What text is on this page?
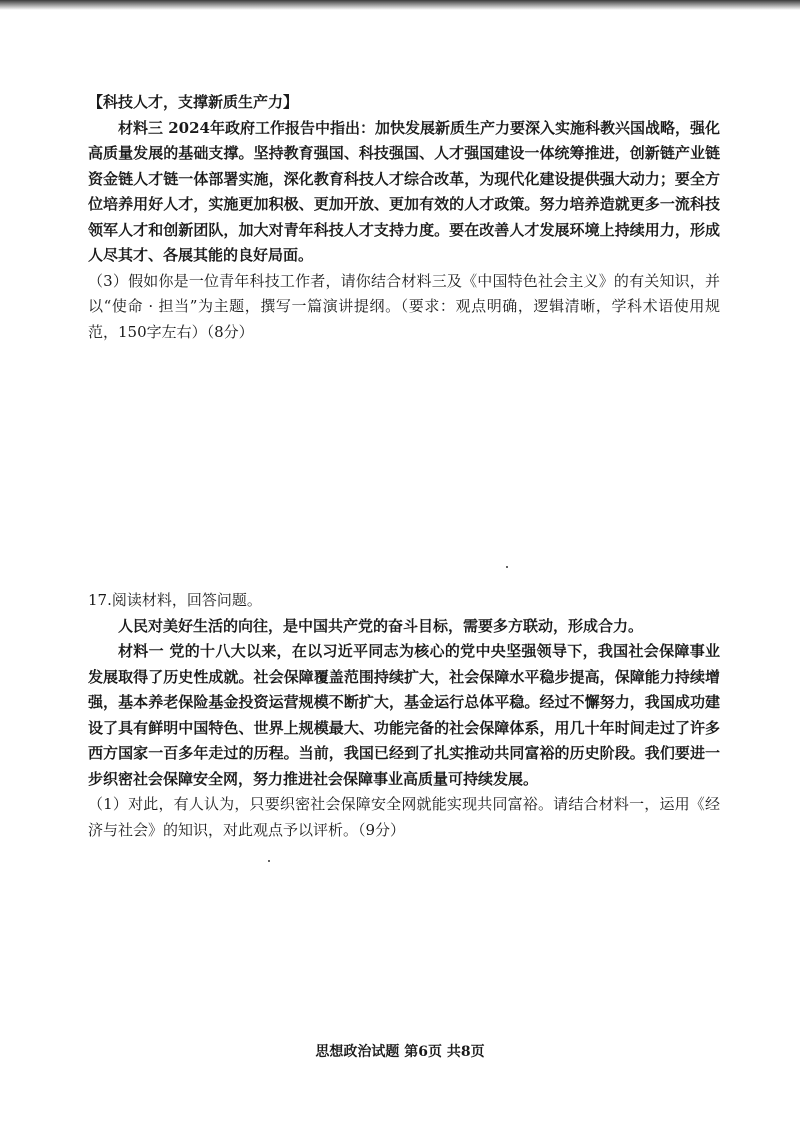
【科技人才，支撑新质生产力】

材料三 2024年政府工作报告中指出：加快发展新质生产力要深入实施科教兴国战略，强化高质量发展的基础支撑。坚持教育强国、科技强国、人才强国建设一体统筹推进，创新链产业链资金链人才链一体部署实施，深化教育科技人才综合改革，为现代化建设提供强大动力；要全方位培养用好人才，实施更加积极、更加开放、更加有效的人才政策。努力培养造就更多一流科技领军人才和创新团队，加大对青年科技人才支持力度。要在改善人才发展环境上持续用力，形成人尽其才、各展其能的良好局面。

（3）假如你是一位青年科技工作者，请你结合材料三及《中国特色社会主义》的有关知识，并以“使命 · 担当”为主题，撰写一篇演讲提纲。（要求：观点明确，逻辑清晰，学科术语使用规范，150字左右）（8分）

17.阅读材料，回答问题。

人民对美好生活的向往，是中国共产党的奋斗目标，需要多方联动，形成合力。

材料一 党的十八大以来，在以习近平同志为核心的党中央坚强领导下，我国社会保障事业发展取得了历史性成就。社会保障覆盖范围持续扩大，社会保障水平稳步提高，保障能力持续增强，基本养老保险基金投资运营规模不断扩大，基金运行总体平稳。经过不懈努力，我国成功建设了具有鲜明中国特色、世界上规模最大、功能完备的社会保障体系，用几十年时间走过了许多西方国家一百多年走过的历程。当前，我国已经到了扎实推动共同富裕的历史阶段。我们要进一步织密社会保障安全网，努力推进社会保障事业高质量可持续发展。

（1）对此，有人认为，只要织密社会保障安全网就能实现共同富裕。请结合材料一，运用《经济与社会》的知识，对此观点予以评析。（9分）

思想政治试题 第6页 共8页
